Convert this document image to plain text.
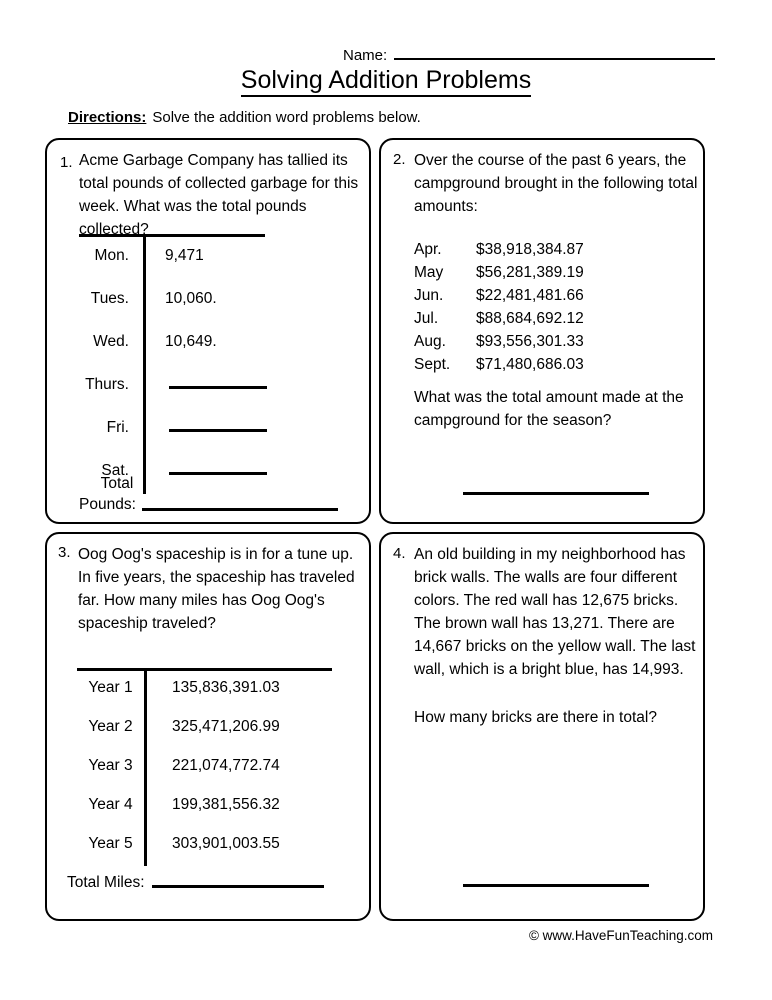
Name:
Solving Addition Problems
Directions: Solve the addition word problems below.
1. Acme Garbage Company has tallied its total pounds of collected garbage for this week. What was the total pounds collected?
Mon.	9,471
Tues.	10,060.
Wed.	10,649.
Thurs.
Fri.
Sat.
Total
Pounds:
2. Over the course of the past 6 years, the campground brought in the following total amounts:
Apr.	$38,918,384.87
May	$56,281,389.19
Jun.	$22,481,481.66
Jul.	$88,684,692.12
Aug.	$93,556,301.33
Sept.	$71,480,686.03
What was the total amount made at the campground for the season?
3. Oog Oog's spaceship is in for a tune up. In five years, the spaceship has traveled far. How many miles has Oog Oog's spaceship traveled?
Year 1	135,836,391.03
Year 2	325,471,206.99
Year 3	221,074,772.74
Year 4	199,381,556.32
Year 5	303,901,003.55
Total Miles:
4. An old building in my neighborhood has brick walls. The walls are four different colors. The red wall has 12,675 bricks. The brown wall has 13,271. There are 14,667 bricks on the yellow wall. The last wall, which is a bright blue, has 14,993.
How many bricks are there in total?
© www.HaveFunTeaching.com
